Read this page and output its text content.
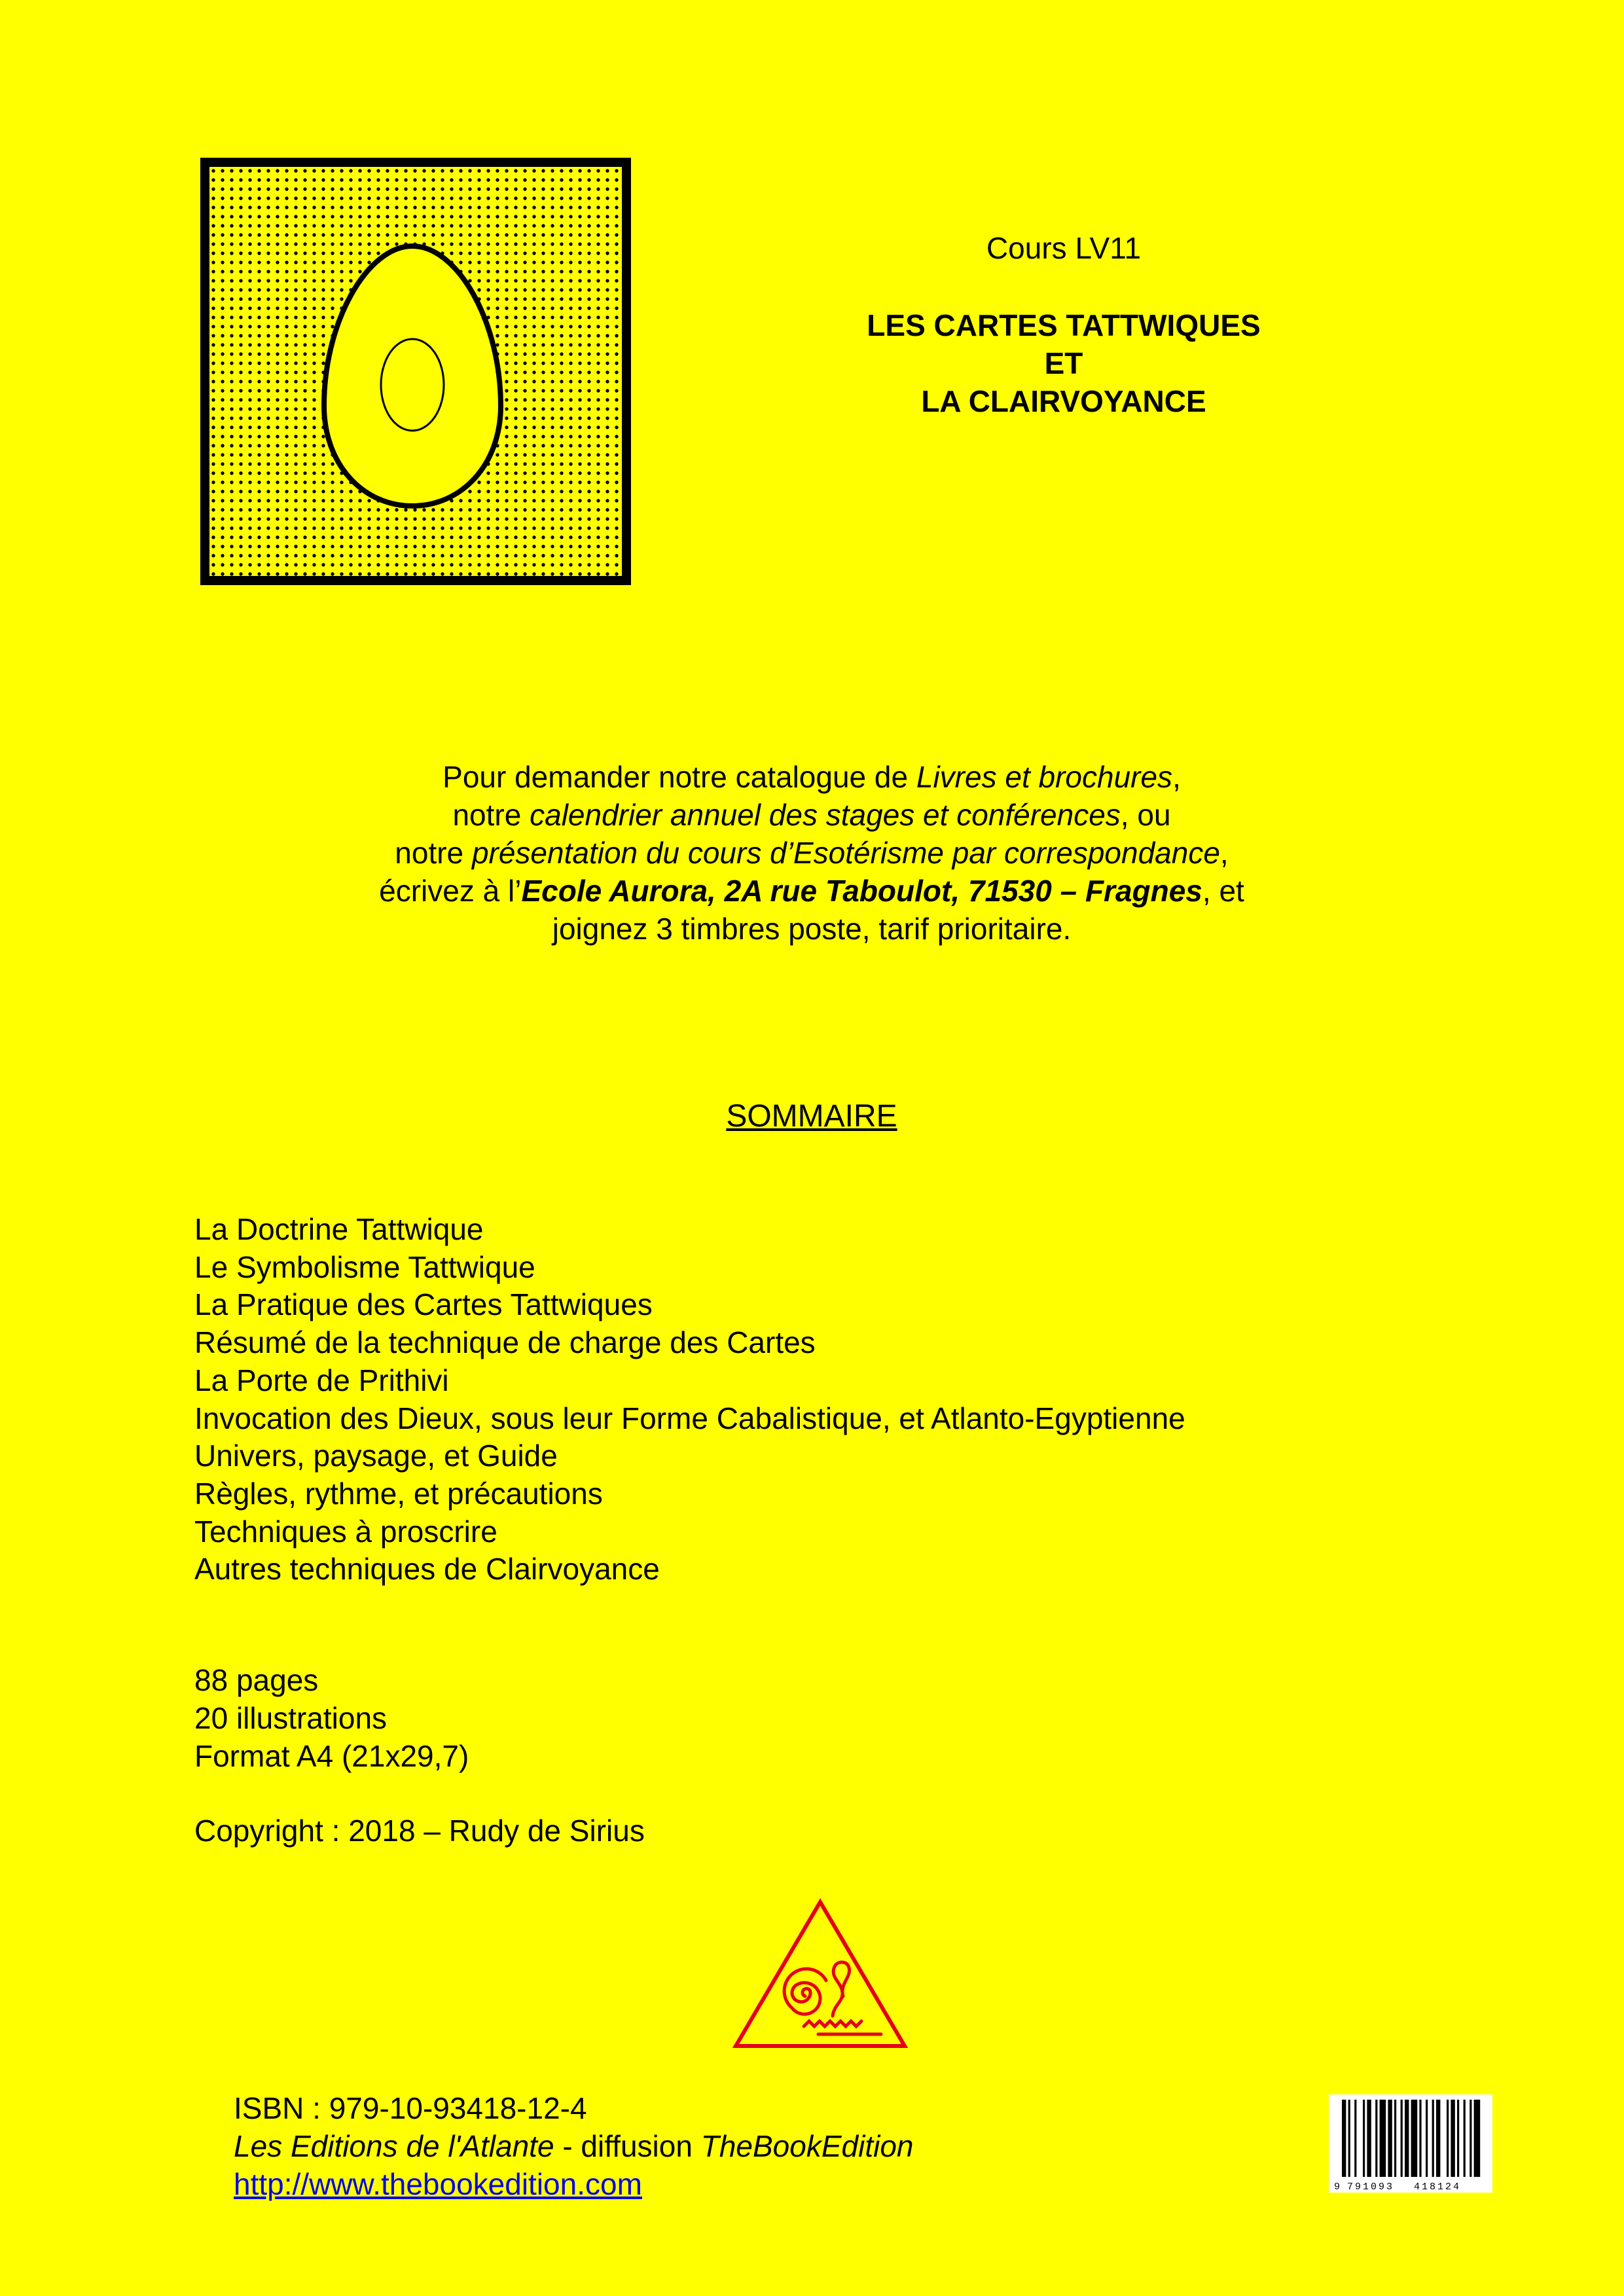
Cours LV11
LES CARTES TATTWIQUES
ET
LA CLAIRVOYANCE

Pour demander notre catalogue de Livres et brochures,

notre calendrier annuel des stages et conférences, ou

notre présentation du cours d’Esotérisme par correspondance,

écrivez à l’Ecole Aurora, 2A rue Taboulot, 71530 – Fragnes, et

joignez 3 timbres poste, tarif prioritaire.

SOMMAIRE
La Doctrine Tattwique
Le Symbolisme Tattwique
La Pratique des Cartes Tattwiques
Résumé de la technique de charge des Cartes
La Porte de Prithivi
Invocation des Dieux, sous leur Forme Cabalistique, et Atlanto-Egyptienne
Univers, paysage, et Guide
Règles, rythme, et précautions
Techniques à proscrire
Autres techniques de Clairvoyance
88 pages
20 illustrations
Format A4 (21x29,7)
Copyright : 2018 – Rudy de Sirius
ISBN : 979-10-93418-12-4
Les Editions de l'Atlante - diffusion TheBookEdition
http://www.thebookedition.com	9 791093 418124
